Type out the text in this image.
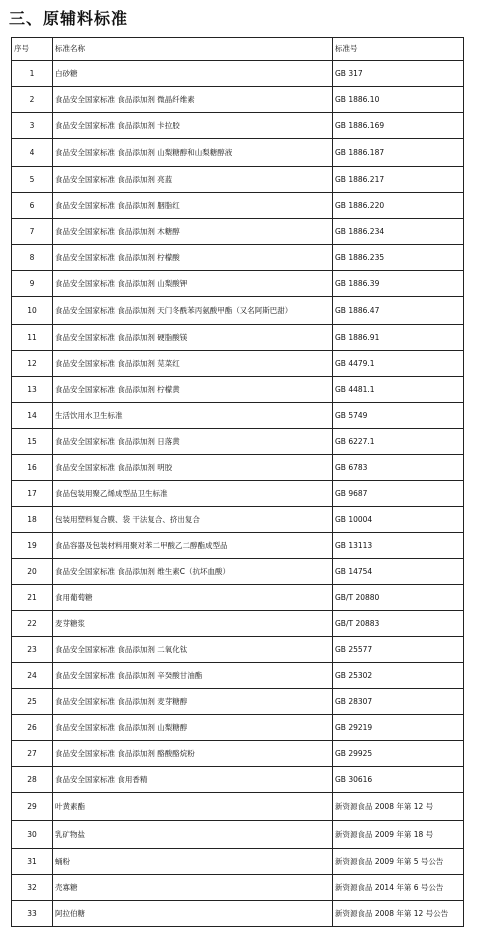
三、原辅料标准
序号	标准名称	标准号
1	白砂糖	GB 317
2	食品安全国家标准 食品添加剂 微晶纤维素	GB 1886.10
3	食品安全国家标准 食品添加剂 卡拉胶	GB 1886.169
4	食品安全国家标准 食品添加剂 山梨糖醇和山梨糖醇液	GB 1886.187
5	食品安全国家标准 食品添加剂 亮蓝	GB 1886.217
6	食品安全国家标准 食品添加剂 胭脂红	GB 1886.220
7	食品安全国家标准 食品添加剂 木糖醇	GB 1886.234
8	食品安全国家标准 食品添加剂 柠檬酸	GB 1886.235
9	食品安全国家标准 食品添加剂 山梨酸钾	GB 1886.39
10	食品安全国家标准 食品添加剂 天门冬酰苯丙氨酸甲酯（又名阿斯巴甜）	GB 1886.47
11	食品安全国家标准 食品添加剂 硬脂酸镁	GB 1886.91
12	食品安全国家标准 食品添加剂 苋菜红	GB 4479.1
13	食品安全国家标准 食品添加剂 柠檬黄	GB 4481.1
14	生活饮用水卫生标准	GB 5749
15	食品安全国家标准 食品添加剂 日落黄	GB 6227.1
16	食品安全国家标准 食品添加剂 明胶	GB 6783
17	食品包装用聚乙烯成型品卫生标准	GB 9687
18	包装用塑料复合膜、袋 干法复合、挤出复合	GB 10004
19	食品容器及包装材料用聚对苯二甲酸乙二醇酯成型品	GB 13113
20	食品安全国家标准 食品添加剂 维生素C（抗坏血酸）	GB 14754
21	食用葡萄糖	GB/T 20880
22	麦芽糖浆	GB/T 20883
23	食品安全国家标准 食品添加剂 二氧化钛	GB 25577
24	食品安全国家标准 食品添加剂 辛癸酸甘油酯	GB 25302
25	食品安全国家标准 食品添加剂 麦芽糖醇	GB 28307
26	食品安全国家标准 食品添加剂 山梨糖醇	GB 29219
27	食品安全国家标准 食品添加剂 酪酸酪烷粉	GB 29925
28	食品安全国家标准 食用香精	GB 30616
29	叶黄素酯	新资源食品 2008 年第 12 号
30	乳矿物盐	新资源食品 2009 年第 18 号
31	蛹粉	新资源食品 2009 年第 5 号公告
32	壳寡糖	新资源食品 2014 年第 6 号公告
33	阿拉伯糖	新资源食品 2008 年第 12 号公告
